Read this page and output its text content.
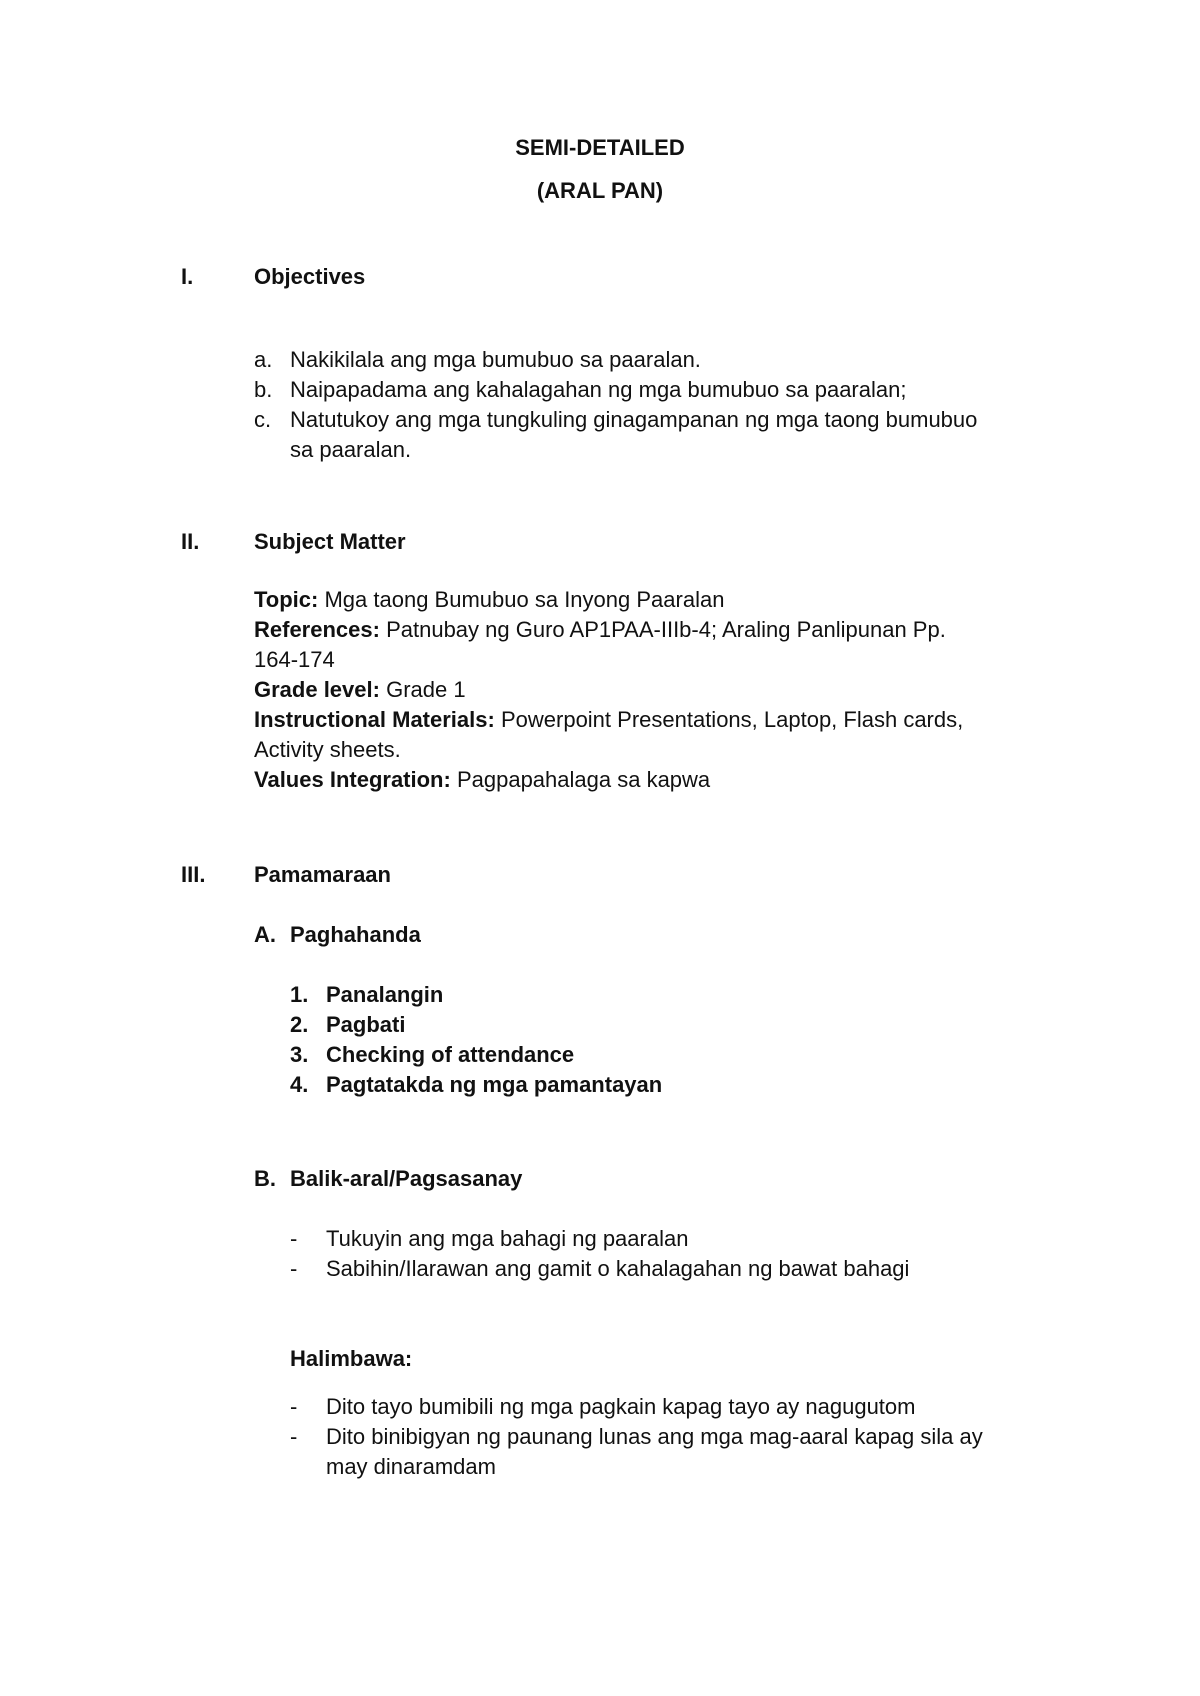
SEMI-DETAILED
(ARAL PAN)
I.	Objectives
a. Nakikilala ang mga bumubuo sa paaralan.
b. Naipapadama ang kahalagahan ng mga bumubuo sa paaralan;
c. Natutukoy ang mga tungkuling ginagampanan ng mga taong bumubuo
sa paaralan.
II. Subject Matter
Topic: Mga taong Bumubuo sa Inyong Paaralan
References: Patnubay ng Guro AP1PAA-IIIb-4; Araling Panlipunan Pp.
164-174
Grade level: Grade 1
Instructional Materials: Powerpoint Presentations, Laptop, Flash cards,
Activity sheets.
Values Integration: Pagpapahalaga sa kapwa
III. Pamamaraan
A. Paghahanda
1. Panalangin
2. Pagbati
3. Checking of attendance
4. Pagtatakda ng mga pamantayan
B. Balik-aral/Pagsasanay
- Tukuyin ang mga bahagi ng paaralan
- Sabihin/Ilarawan ang gamit o kahalagahan ng bawat bahagi
Halimbawa:
- Dito tayo bumibili ng mga pagkain kapag tayo ay nagugutom
- Dito binibigyan ng paunang lunas ang mga mag-aaral kapag sila ay
may dinaramdam
